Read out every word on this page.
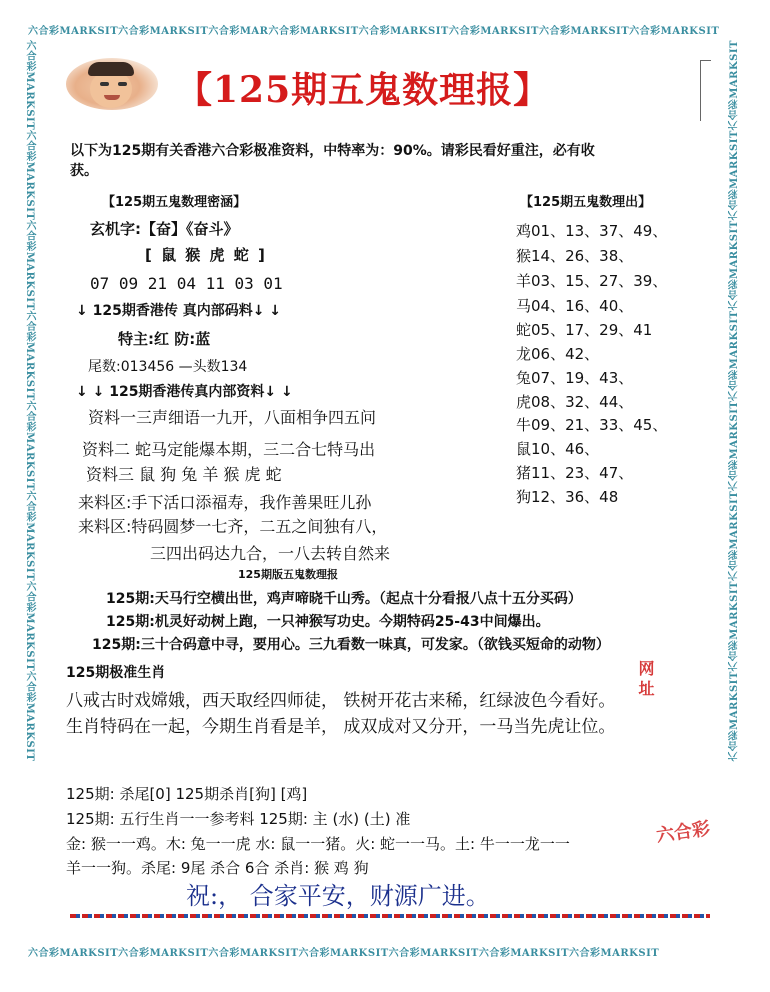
六合彩MARKSIT六合彩MARKSIT六合彩MAR六合彩MARKSIT六合彩MARKSIT六合彩MARKSIT六合彩MARKSIT六合彩MARKSIT
六合彩MARKSIT六合彩MARKSIT六合彩MARKSIT六合彩MARKSIT六合彩MARKSIT六合彩MARKSIT六合彩MARKSIT
六合彩MARKSIT六合彩MARKSIT六合彩MARKSIT六合彩MARKSIT六合彩MARKSIT六合彩MARKSIT六合彩MARKSIT六合彩MARKSIT	六合彩MARKSIT六合彩MARKSIT六合彩MARKSIT六合彩MARKSIT六合彩MARKSIT六合彩MARKSIT六合彩MARKSIT六合彩MARKSIT
【125期五鬼数理报】
以下为125期有关香港六合彩极准资料，中特率为：90%。请彩民看好重注，必有收
获。
【125期五鬼数理密涵】	【125期五鬼数理出】
玄机字:【奋】《奋斗》
[ 鼠 猴 虎 蛇 ]
07 09 21 04 11 03 01
↓ 125期香港传 真内部码料↓ ↓
特主:红 防:蓝
尾数:013456 —头数134
↓ ↓ 125期香港传真内部资料↓ ↓
资料一三声细语一九开，八面相争四五问
资料二 蛇马定能爆本期，三二合七特马出
资料三 鼠 狗 兔 羊 猴 虎 蛇
来料区:手下活口添福寿，我作善果旺儿孙
来料区:特码圆梦一七齐，二五之间独有八，
三四出码达九合，一八去转自然来
鸡01、13、37、49、
猴14、26、38、
羊03、15、27、39、
马04、16、40、
蛇05、17、29、41
龙06、42、
兔07、19、43、
虎08、32、44、
牛09、21、33、45、
鼠10、46、
猪11、23、47、
狗12、36、48
125期版五鬼数理报
125期:天马行空横出世，鸡声啼晓千山秀。（起点十分看报八点十五分买码）
125期:机灵好动树上跑，一只神猴写功史。今期特码25-43中间爆出。
125期:三十合码意中寻，要用心。三九看数一味真，可发家。（欲钱买短命的动物）
125期极准生肖
八戒古时戏嫦娥，西天取经四师徒， 铁树开花古来稀，红绿波色今看好。
生肖特码在一起，今期生肖看是羊， 成双成对又分开，一马当先虎让位。
网址
125期: 杀尾[0] 125期杀肖[狗] [鸡]
125期: 五行生肖一一参考料 125期: 主 (水) (土) 准
金: 猴一一鸡。木: 兔一一虎 水: 鼠一一猪。火: 蛇一一马。土: 牛一一龙一一
羊一一狗。杀尾: 9尾 杀合 6合 杀肖: 猴 鸡 狗
六合彩
祝:， 合家平安，财源广进。
